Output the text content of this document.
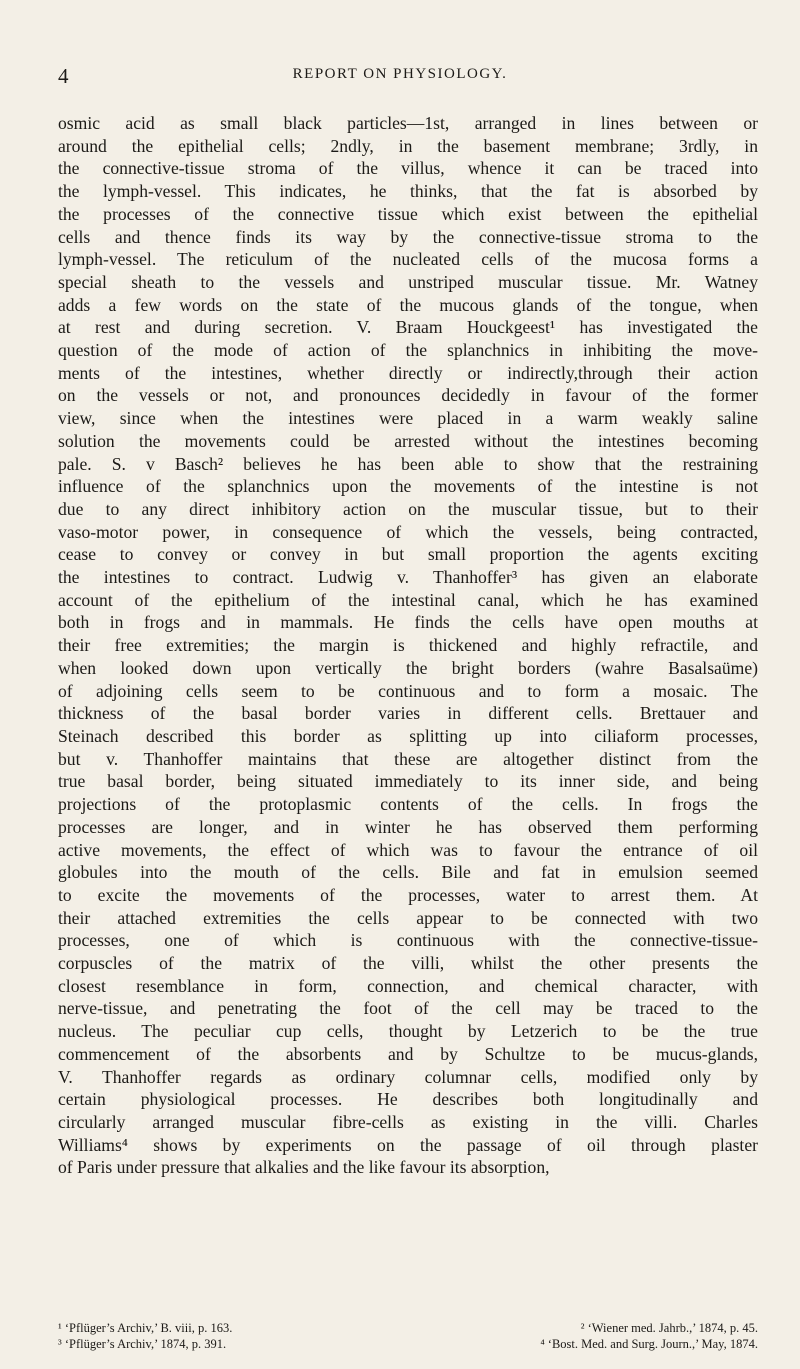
4	REPORT ON PHYSIOLOGY.
osmic acid as small black particles—1st, arranged in lines between or
around the epithelial cells; 2ndly, in the basement membrane; 3rdly, in
the connective-tissue stroma of the villus, whence it can be traced into
the lymph-vessel. This indicates, he thinks, that the fat is absorbed by
the processes of the connective tissue which exist between the epithelial
cells and thence finds its way by the connective-tissue stroma to the
lymph-vessel. The reticulum of the nucleated cells of the mucosa forms a
special sheath to the vessels and unstriped muscular tissue. Mr. Watney
adds a few words on the state of the mucous glands of the tongue, when
at rest and during secretion. V. Braam Houckgeest¹ has investigated the
question of the mode of action of the splanchnics in inhibiting the move-
ments of the intestines, whether directly or indirectly,through their action
on the vessels or not, and pronounces decidedly in favour of the former
view, since when the intestines were placed in a warm weakly saline
solution the movements could be arrested without the intestines becoming
pale. S. v Basch² believes he has been able to show that the restraining
influence of the splanchnics upon the movements of the intestine is not
due to any direct inhibitory action on the muscular tissue, but to their
vaso-motor power, in consequence of which the vessels, being contracted,
cease to convey or convey in but small proportion the agents exciting
the intestines to contract. Ludwig v. Thanhoffer³ has given an elaborate
account of the epithelium of the intestinal canal, which he has examined
both in frogs and in mammals. He finds the cells have open mouths at
their free extremities; the margin is thickened and highly refractile, and
when looked down upon vertically the bright borders (wahre Basalsaüme)
of adjoining cells seem to be continuous and to form a mosaic. The
thickness of the basal border varies in different cells. Brettauer and
Steinach described this border as splitting up into ciliaform processes,
but v. Thanhoffer maintains that these are altogether distinct from the
true basal border, being situated immediately to its inner side, and being
projections of the protoplasmic contents of the cells. In frogs the
processes are longer, and in winter he has observed them performing
active movements, the effect of which was to favour the entrance of oil
globules into the mouth of the cells. Bile and fat in emulsion seemed
to excite the movements of the processes, water to arrest them. At
their attached extremities the cells appear to be connected with two
processes, one of which is continuous with the connective-tissue-
corpuscles of the matrix of the villi, whilst the other presents the
closest resemblance in form, connection, and chemical character, with
nerve-tissue, and penetrating the foot of the cell may be traced to the
nucleus. The peculiar cup cells, thought by Letzerich to be the true
commencement of the absorbents and by Schultze to be mucus-glands,
V. Thanhoffer regards as ordinary columnar cells, modified only by
certain physiological processes. He describes both longitudinally and
circularly arranged muscular fibre-cells as existing in the villi. Charles
Williams⁴ shows by experiments on the passage of oil through plaster
of Paris under pressure that alkalies and the like favour its absorption,
¹ ‘Pflüger’s Archiv,’ B. viii, p. 163.	² ‘Wiener med. Jahrb.,’ 1874, p. 45.
³ ‘Pflüger’s Archiv,’ 1874, p. 391.	⁴ ‘Bost. Med. and Surg. Journ.,’ May, 1874.
